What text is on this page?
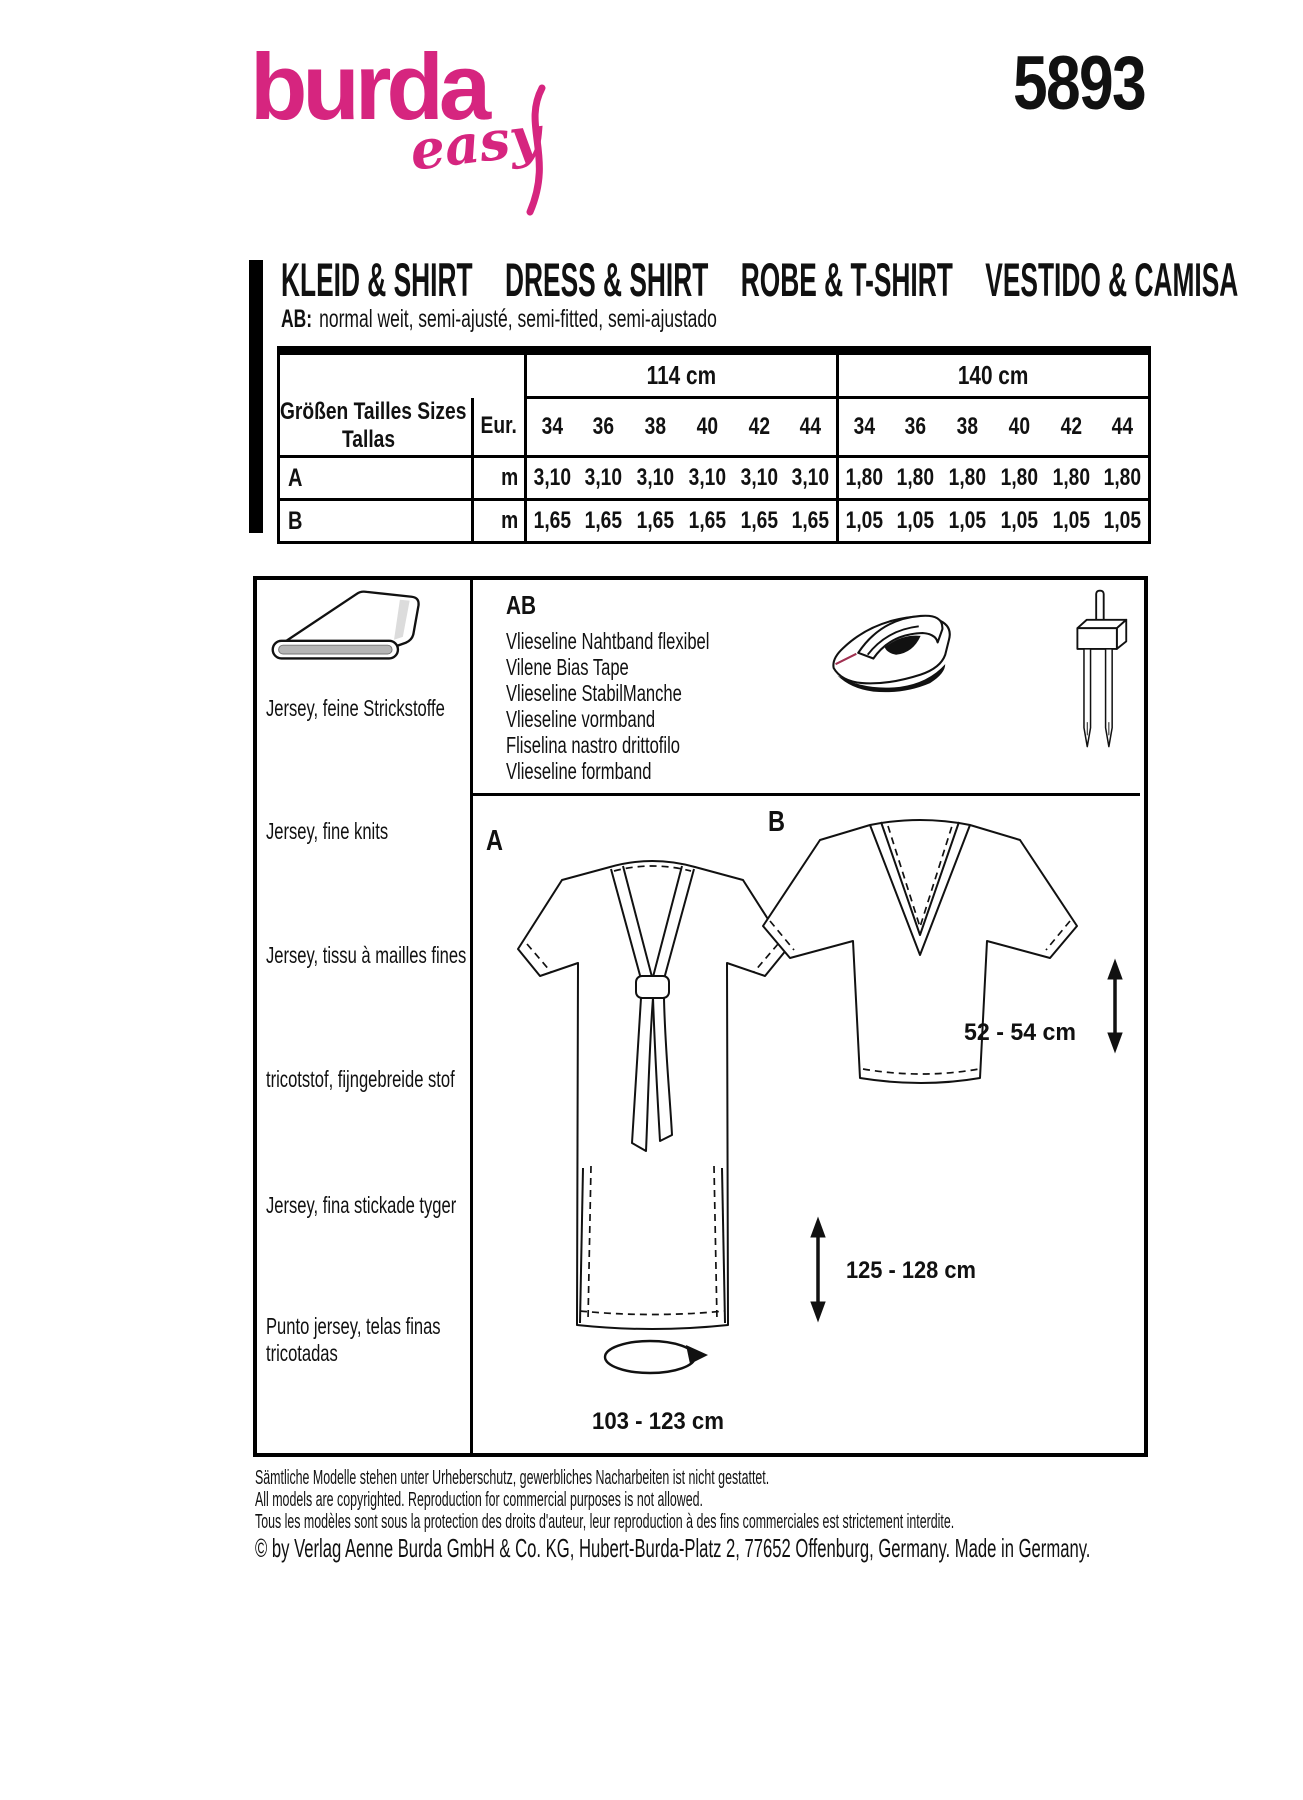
burda
easy
5893
KLEID & SHIRT DRESS & SHIRT ROBE & T-SHIRT VESTIDO & CAMISA
AB: normal weit, semi-ajusté, semi-fitted, semi-ajustado
		114 cm						140 cm					
Größen Tailles Sizes
Tallas	Eur.	34	36	38	40	42	44	34	36	38	40	42	44
A	m	3,10	3,10	3,10	3,10	3,10	3,10	1,80	1,80	1,80	1,80	1,80	1,80
B	m	1,65	1,65	1,65	1,65	1,65	1,65	1,05	1,05	1,05	1,05	1,05	1,05
Jersey, feine Strickstoffe
Jersey, fine knits
Jersey, tissu à mailles fines
tricotstof, fijngebreide stof
Jersey, fina stickade tyger
Punto jersey, telas finas tricotadas
AB
Vlieseline Nahtband flexibel
Vilene Bias Tape
Vlieseline StabilManche
Vlieseline vormband
Fliselina nastro drittofilo
Vlieseline formband
A
B
52 - 54 cm
125 - 128 cm
103 - 123 cm
Sämtliche Modelle stehen unter Urheberschutz, gewerbliches Nacharbeiten ist nicht gestattet.
All models are copyrighted. Reproduction for commercial purposes is not allowed.
Tous les modèles sont sous la protection des droits d'auteur, leur reproduction à des fins commerciales est strictement interdite.
© by Verlag Aenne Burda GmbH & Co. KG, Hubert-Burda-Platz 2, 77652 Offenburg, Germany. Made in Germany.
